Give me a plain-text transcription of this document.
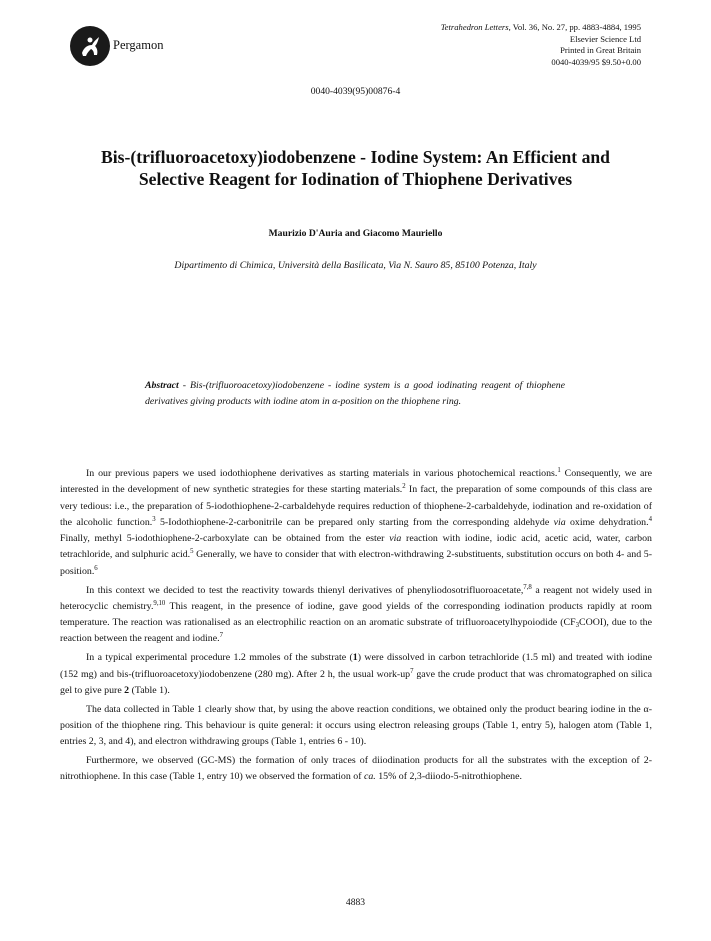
Pergamon
Tetrahedron Letters, Vol. 36, No. 27, pp. 4883-4884, 1995
Elsevier Science Ltd
Printed in Great Britain
0040-4039/95 $9.50+0.00
0040-4039(95)00876-4
Bis-(trifluoroacetoxy)iodobenzene - Iodine System: An Efficient and
Selective Reagent for Iodination of Thiophene Derivatives
Maurizio D'Auria and Giacomo Mauriello
Dipartimento di Chimica, Università della Basilicata, Via N. Sauro 85, 85100 Potenza, Italy
Abstract - Bis-(trifluoroacetoxy)iodobenzene - iodine system is a good iodinating reagent of thiophene derivatives giving products with iodine atom in α-position on the thiophene ring.

In our previous papers we used iodothiophene derivatives as starting materials in various photochemical reactions.$^1$ Consequently, we are interested in the development of new synthetic strategies for these starting materials.$^2$ In fact, the preparation of some compounds of this class are very tedious: i.e., the preparation of 5-iodothiophene-2-carbaldehyde requires reduction of thiophene-2-carbaldehyde, iodination and re-oxidation of the alcoholic function.$^3$ 5-Iodothiophene-2-carbonitrile can be prepared only starting from the corresponding aldehyde via oxime dehydration.$^4$ Finally, methyl 5-iodothiophene-2-carboxylate can be obtained from the ester via reaction with iodine, iodic acid, acetic acid, water, carbon tetrachloride, and sulphuric acid.$^5$ Generally, we have to consider that with electron-withdrawing 2-substituents, substitution occurs on both 4- and 5-position.$^6$

In this context we decided to test the reactivity towards thienyl derivatives of phenyliodosotrifluoroacetate,$^{7,8}$ a reagent not widely used in heterocyclic chemistry.$^{9,10}$ This reagent, in the presence of iodine, gave good yields of the corresponding iodination products rapidly at room temperature. The reaction was rationalised as an electrophilic reaction on an aromatic substrate of trifluoroacetylhypoiodide $(CF_3COOI)$, due to the reaction between the reagent and iodine.$^7$

In a typical experimental procedure 1.2 mmoles of the substrate (1) were dissolved in carbon tetrachloride (1.5 ml) and treated with iodine (152 mg) and bis-(trifluoroacetoxy)iodobenzene (280 mg). After 2 h, the usual work-$up^7$ gave the crude product that was chromatographed on silica gel to give pure 2 (Table 1).

The data collected in Table 1 clearly show that, by using the above reaction conditions, we obtained only the product bearing iodine in the α-position of the thiophene ring. This behaviour is quite general: it occurs using electron releasing groups (Table 1, entry 5), halogen atom (Table 1, entries 2, 3, and 4), and electron withdrawing groups (Table 1, entries 6 - 10).

Furthermore, we observed (GC-MS) the formation of only traces of diiodination products for all the substrates with the exception of 2-nitrothiophene. In this case (Table 1, entry 10) we observed the formation of ca. 15% of 2,3-diiodo-5-nitrothiophene.

4883
